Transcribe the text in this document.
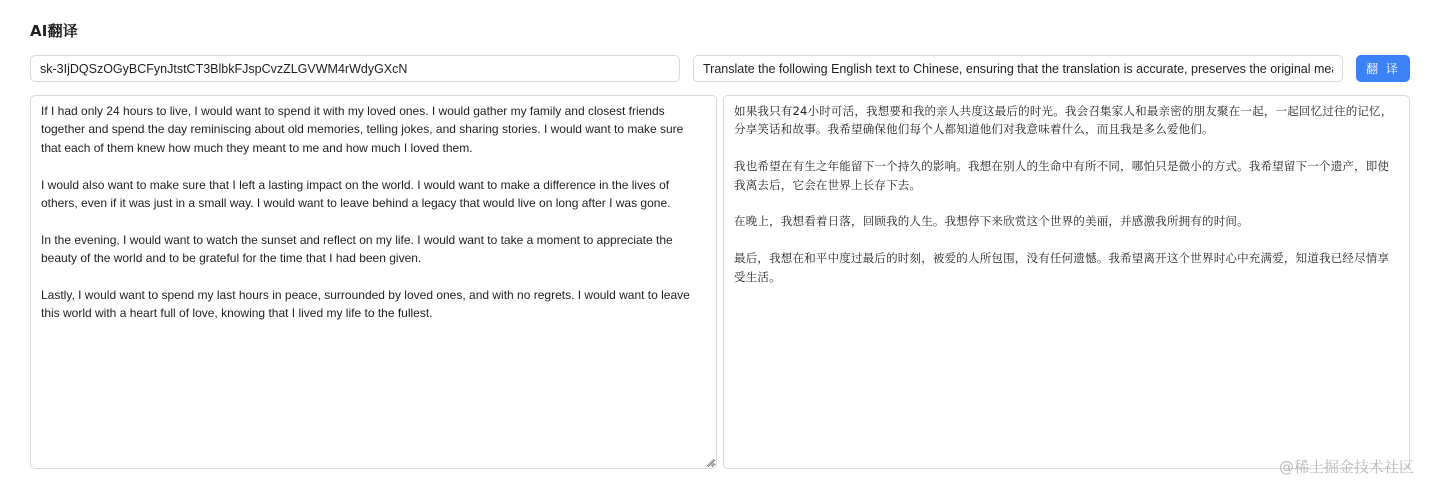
AI翻译
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
Translate the following English text to Chinese, ensuring that the translation is accurate, preserves the original meaning, and reads naturally.
翻 译
If I had only 24 hours to live, I would want to spend it with my loved ones. I would gather my family and closest friends together and spend the day reminiscing about old memories, telling jokes, and sharing stories. I would want to make sure that each of them knew how much they meant to me and how much I loved them. I would also want to make sure that I left a lasting impact on the world. I would want to make a difference in the lives of others, even if it was just in a small way. I would want to leave behind a legacy that would live on long after I was gone. In the evening, I would want to watch the sunset and reflect on my life. I would want to take a moment to appreciate the beauty of the world and to be grateful for the time that I had been given. Lastly, I would want to spend my last hours in peace, surrounded by loved ones, and with no regrets. I would want to leave this world with a heart full of love, knowing that I lived my life to the fullest.
如果我只有24小时可活，我想要和我的亲人共度这最后的时光。我会召集家人和最亲密的朋友聚在一起，一起回忆过往的记忆，分享笑话和故事。我希望确保他们每个人都知道他们对我意味着什么，而且我是多么爱他们。

我也希望在有生之年能留下一个持久的影响。我想在别人的生命中有所不同，哪怕只是微小的方式。我希望留下一个遗产，即使我离去后，它会在世界上长存下去。

在晚上，我想看着日落，回顾我的人生。我想停下来欣赏这个世界的美丽，并感激我所拥有的时间。

最后，我想在和平中度过最后的时刻，被爱的人所包围，没有任何遗憾。我希望离开这个世界时心中充满爱，知道我已经尽情享受生活。
@稀土掘金技术社区
